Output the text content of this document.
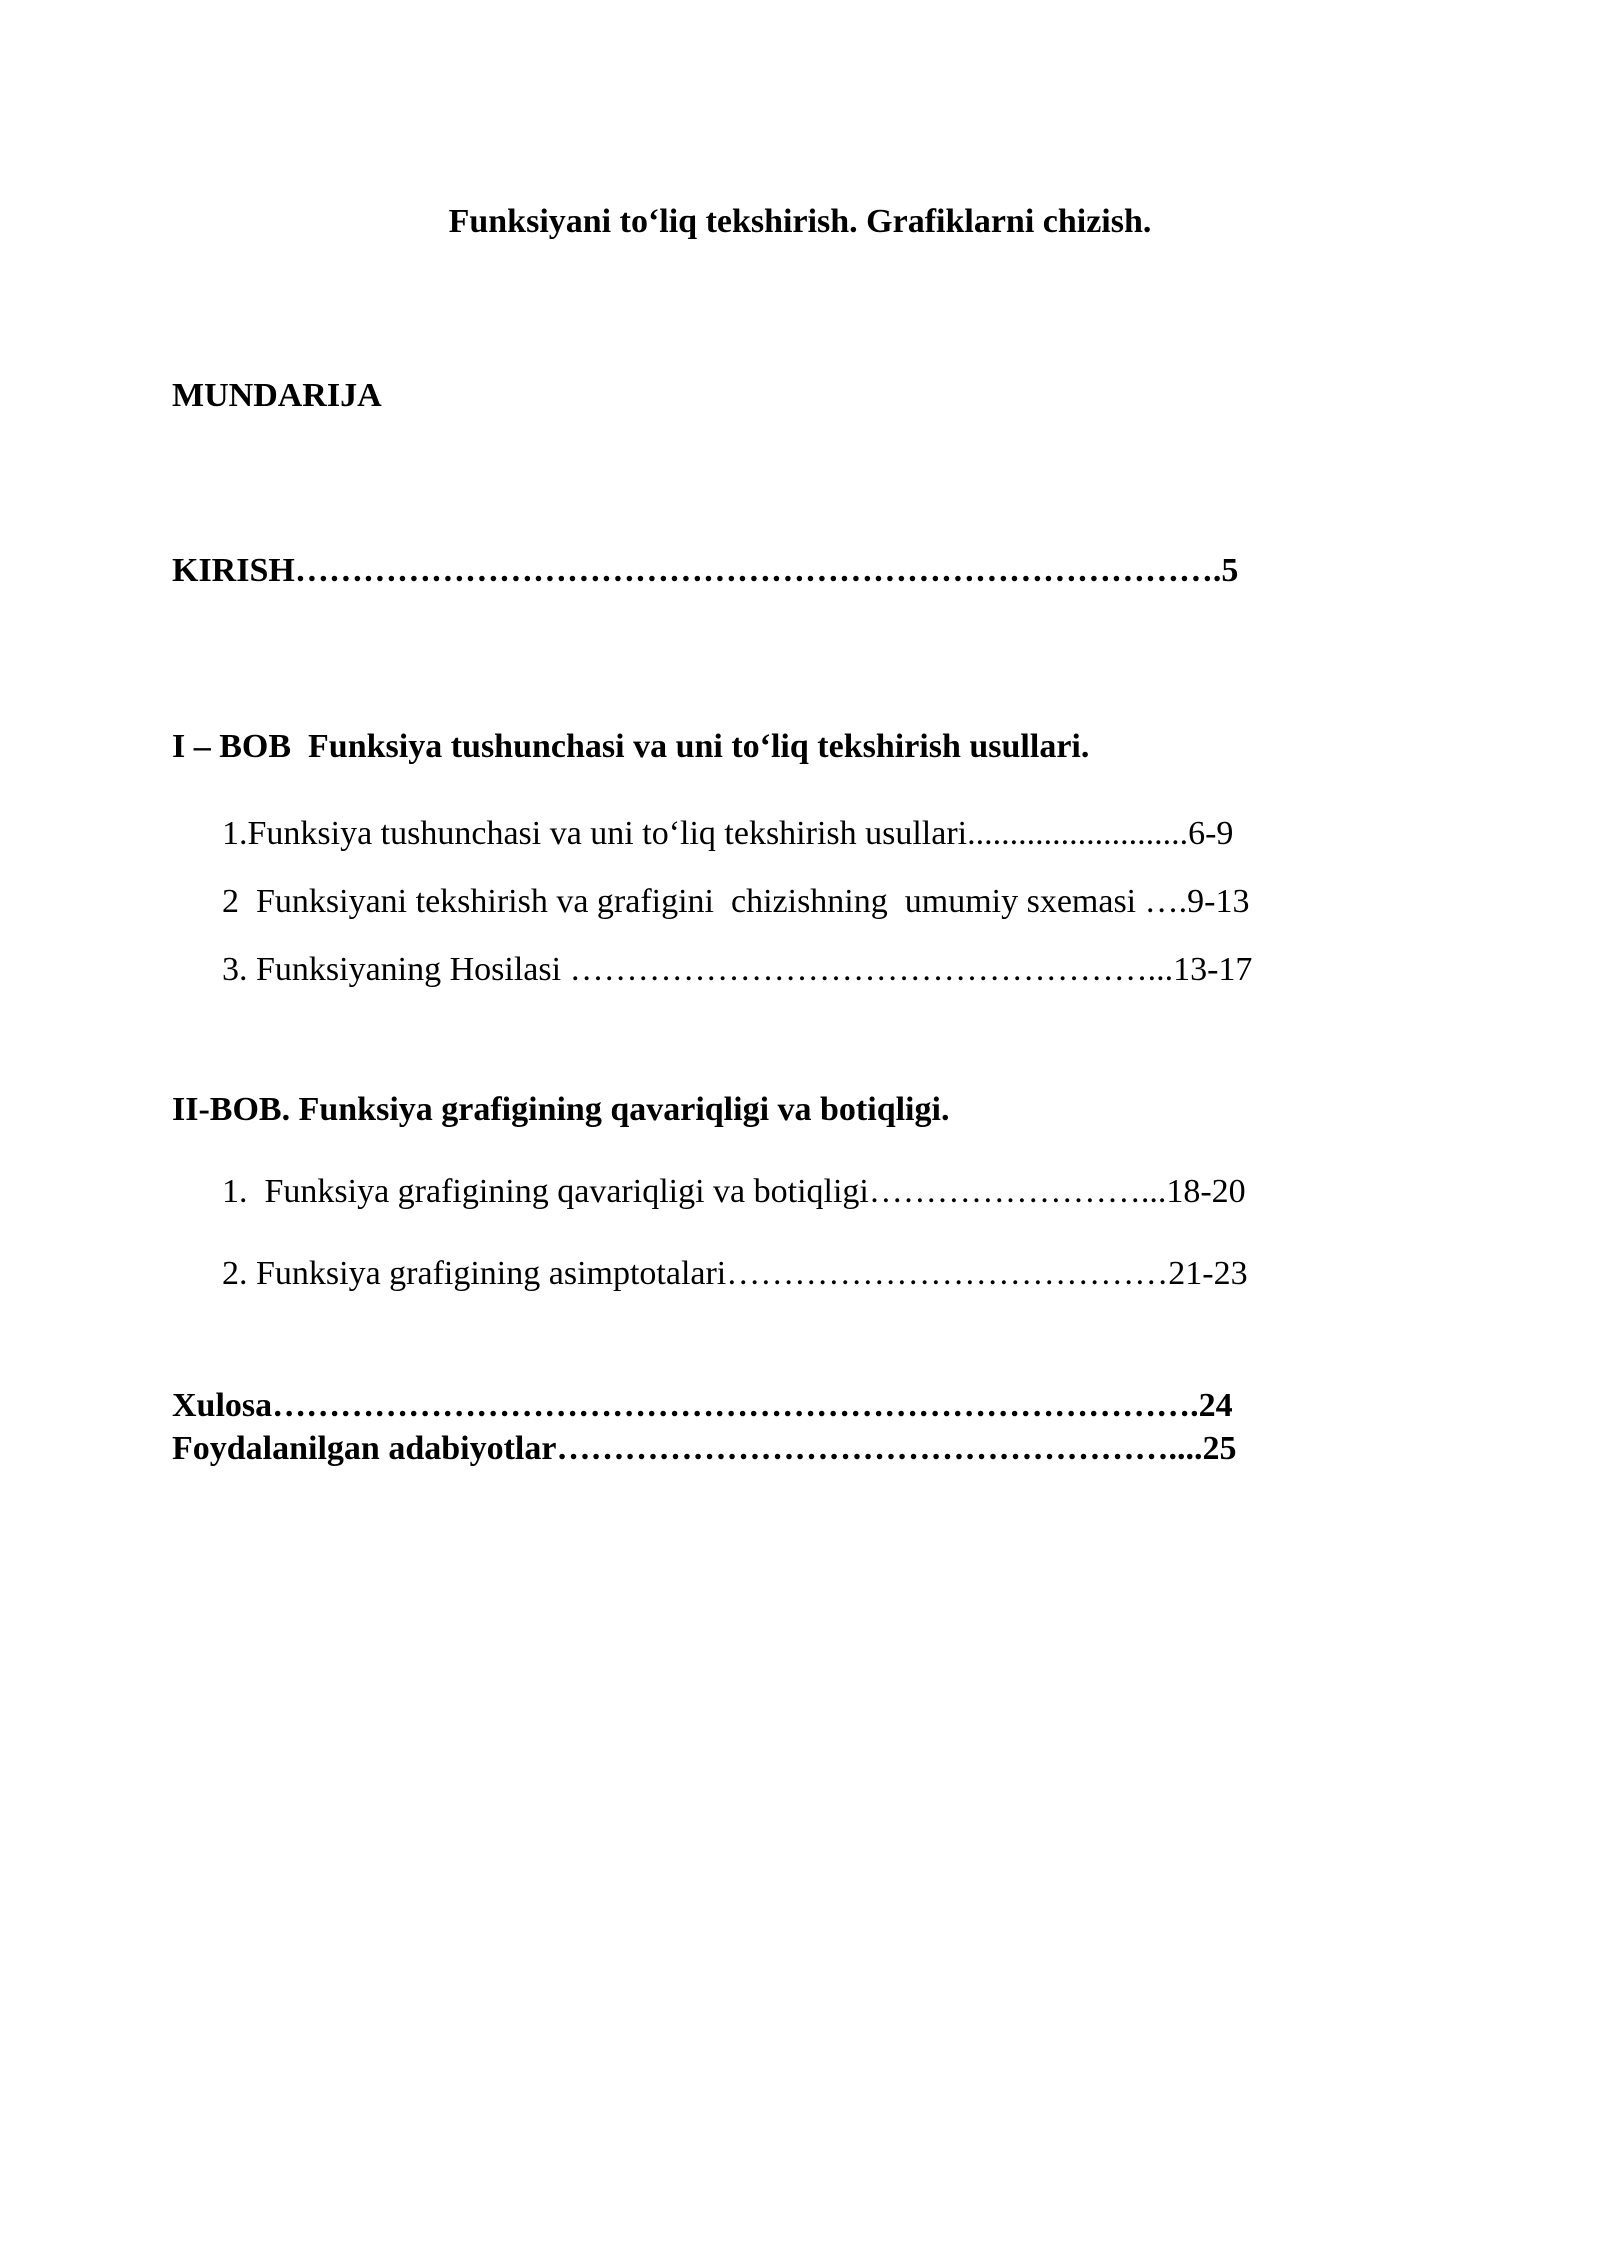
Funksiyani to‘liq tekshirish. Grafiklarni chizish.
MUNDARIJA
KIRISH……………………………………………………………………….5
I – BOB  Funksiya tushunchasi va uni to‘liq tekshirish usullari.
1.Funksiya tushunchasi va uni to‘liq tekshirish usullari..........................6-9
2  Funksiyani tekshirish va grafigini  chizishning  umumiy sxemasi ….9-13
3. Funksiyaning Hosilasi ……………………………………………...13-17
II-BOB. Funksiya grafigining qavariqligi va botiqligi.
1.  Funksiya grafigining qavariqligi va botiqligi……………………...18-20
2. Funksiya grafigining asimptotalari…………………………………21-23
Xulosa……………………………………………………………………….24
Foydalanilgan adabiyotlar………………………………………………....25
